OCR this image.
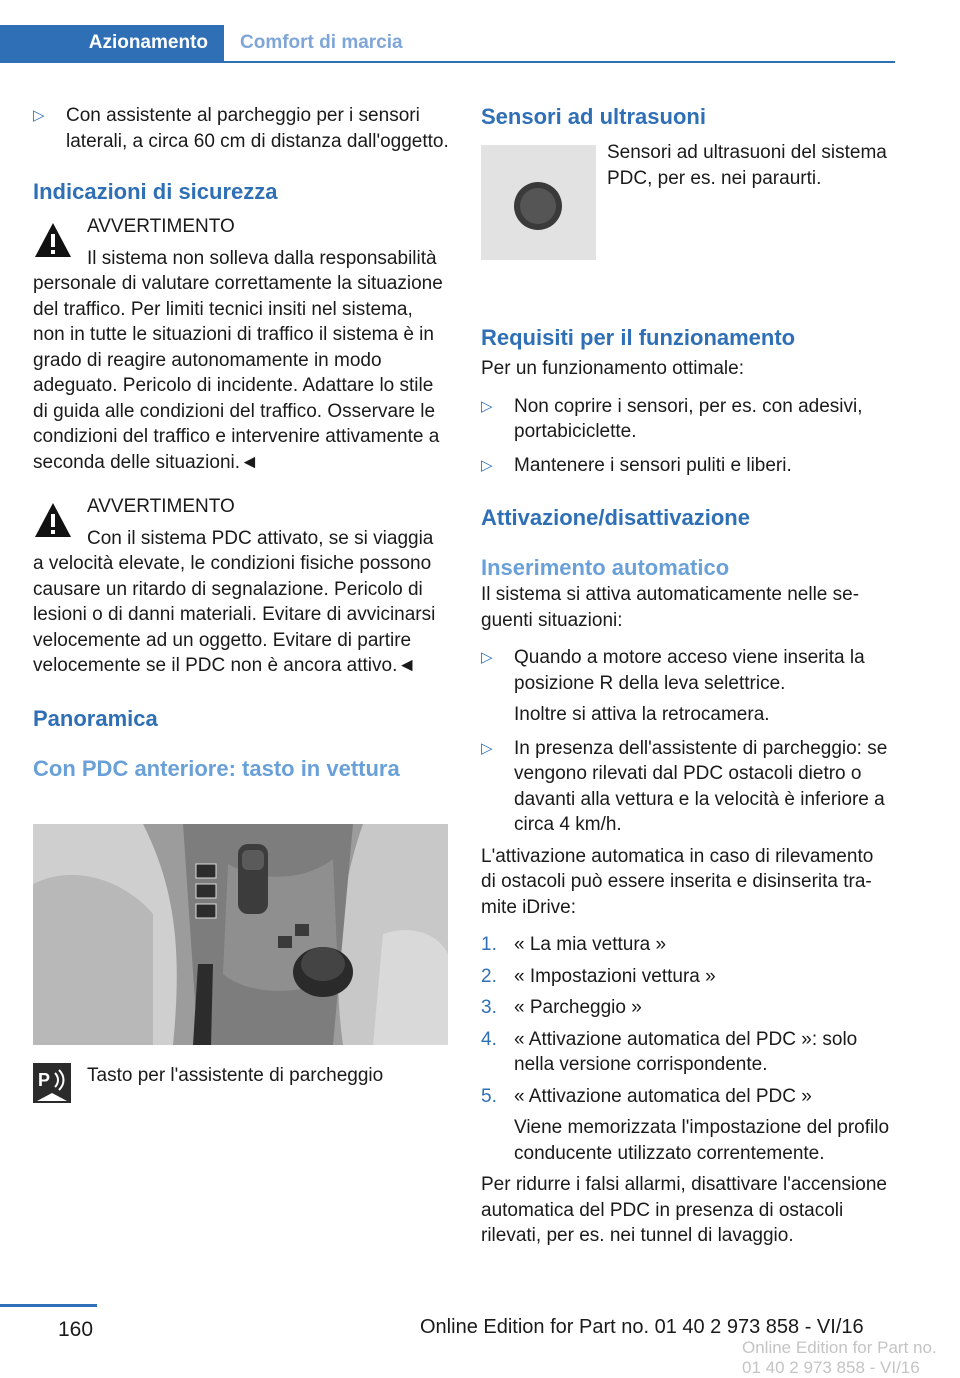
Azionamento	Comfort di marcia
▷ Con assistente al parcheggio per i sensori laterali, a circa 60 cm di distanza dall'oggetto.

Indicazioni di sicurezza

AVVERTIMENTO

Il sistema non solleva dalla responsabilità personale di valutare correttamente la situazione del traffico. Per limiti tecnici insiti nel sistema, non in tutte le situazioni di traffico il sistema è in grado di reagire autonomamente in modo adeguato. Pericolo di incidente. Adattare lo stile di guida alle condizioni del traffico. Osservare le condizioni del traffico e intervenire attivamente a seconda delle situazioni.◄

AVVERTIMENTO

Con il sistema PDC attivato, se si viaggia a velocità elevate, le condizioni fisiche possono causare un ritardo di segnalazione. Pericolo di lesioni o di danni materiali. Evitare di avvicinarsi velocemente ad un oggetto. Evitare di partire velocemente se il PDC non è ancora attivo.◄

Panoramica
Con PDC anteriore: tasto in vettura
P Tasto per l'assistente di parcheggio

Sensori ad ultrasuoni

Sensori ad ultrasuoni del sistema PDC, per es. nei paraurti.

Requisiti per il funzionamento

Per un funzionamento ottimale:

▷ Non coprire i sensori, per es. con adesivi, portabiciclette.

▷ Mantenere i sensori puliti e liberi.

Attivazione/disattivazione
Inserimento automatico

Il sistema si attiva automaticamente nelle seguenti situazioni:

▷ Quando a motore acceso viene inserita la posizione R della leva selettrice.

Inoltre si attiva la retrocamera.

▷ In presenza dell'assistente di parcheggio: se vengono rilevati dal PDC ostacoli dietro o davanti alla vettura e la velocità è inferiore a circa 4 km/h.

L'attivazione automatica in caso di rilevamento di ostacoli può essere inserita e disinserita tramite iDrive:

1. « La mia vettura »

2. « Impostazioni vettura »

3. « Parcheggio »

4. « Attivazione automatica del PDC »: solo nella versione corrispondente.

5. « Attivazione automatica del PDC »

Viene memorizzata l'impostazione del profilo conducente utilizzato correntemente.

Per ridurre i falsi allarmi, disattivare l'accensione automatica del PDC in presenza di ostacoli rilevati, per es. nei tunnel di lavaggio.

160	Online Edition for Part no. 01 40 2 973 858 - VI/16
Online Edition for Part no. 01 40 2 973 858 - VI/16
